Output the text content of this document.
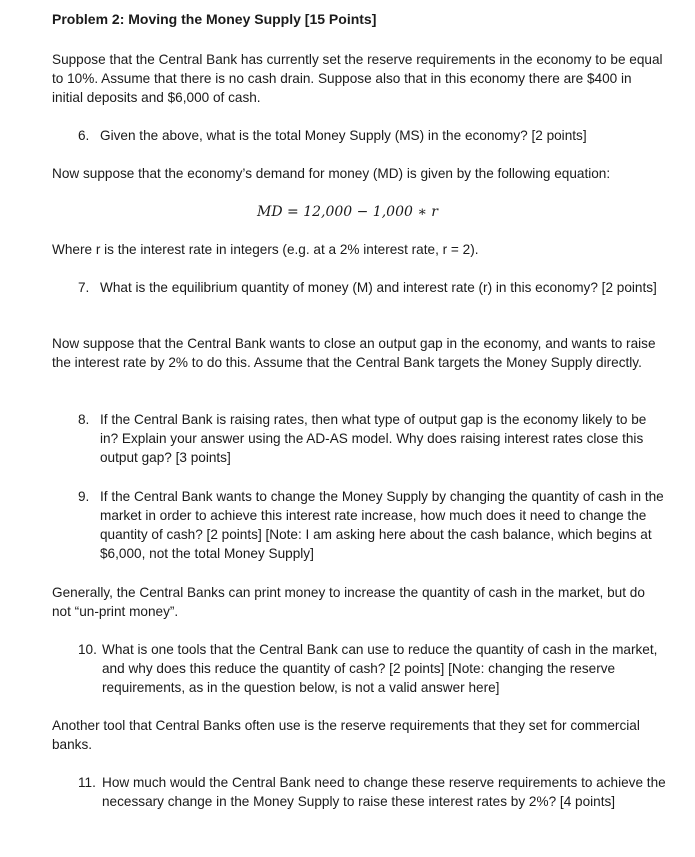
Problem 2: Moving the Money Supply [15 Points]

Suppose that the Central Bank has currently set the reserve requirements in the economy to be equal to 10%. Assume that there is no cash drain. Suppose also that in this economy there are $400 in initial deposits and $6,000 of cash.

6. Given the above, what is the total Money Supply (MS) in the economy? [2 points]

Now suppose that the economy’s demand for money (MD) is given by the following equation:

MD = 12,000 − 1,000 ∗ r

Where r is the interest rate in integers (e.g. at a 2% interest rate, r = 2).

7. What is the equilibrium quantity of money (M) and interest rate (r) in this economy? [2 points]

Now suppose that the Central Bank wants to close an output gap in the economy, and wants to raise the interest rate by 2% to do this. Assume that the Central Bank targets the Money Supply directly.

8. If the Central Bank is raising rates, then what type of output gap is the economy likely to be in? Explain your answer using the AD-AS model. Why does raising interest rates close this output gap? [3 points]
9. If the Central Bank wants to change the Money Supply by changing the quantity of cash in the market in order to achieve this interest rate increase, how much does it need to change the quantity of cash? [2 points] [Note: I am asking here about the cash balance, which begins at $6,000, not the total Money Supply]

Generally, the Central Banks can print money to increase the quantity of cash in the market, but do not “un-print money”.

10. What is one tools that the Central Bank can use to reduce the quantity of cash in the market, and why does this reduce the quantity of cash? [2 points] [Note: changing the reserve requirements, as in the question below, is not a valid answer here]

Another tool that Central Banks often use is the reserve requirements that they set for commercial banks.

11. How much would the Central Bank need to change these reserve requirements to achieve the necessary change in the Money Supply to raise these interest rates by 2%? [4 points]
